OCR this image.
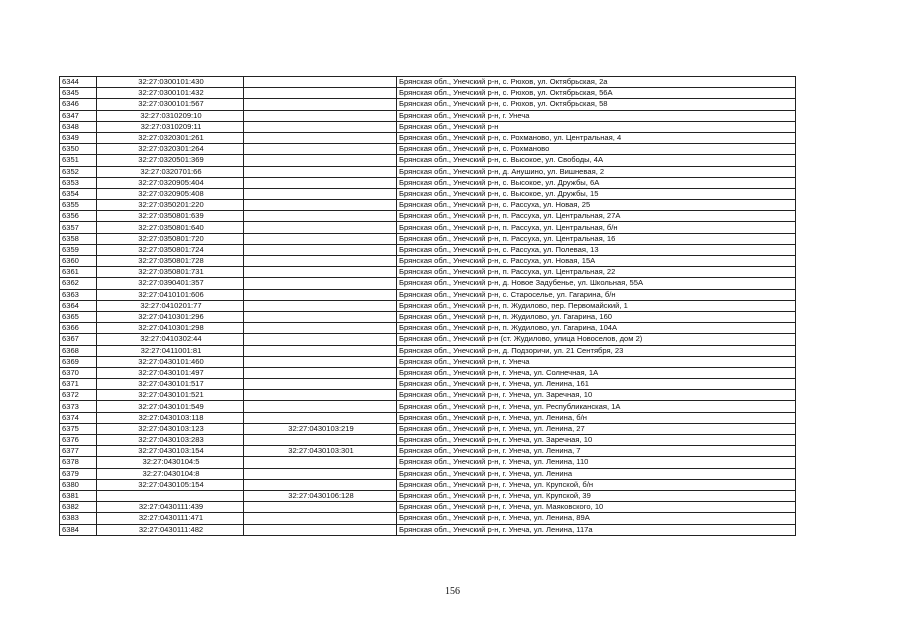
6344	32:27:0300101:430		Брянская обл., Унечский р-н, с. Рюхов, ул. Октябрьская, 2а
6345	32:27:0300101:432		Брянская обл., Унечский р-н, с. Рюхов, ул. Октябрьская, 56А
6346	32:27:0300101:567		Брянская обл., Унечский р-н, с. Рюхов, ул. Октябрьская, 58
6347	32:27:0310209:10		Брянская обл., Унечский р-н, г. Унеча
6348	32:27:0310209:11		Брянская обл., Унечский р-н
6349	32:27:0320301:261		Брянская обл., Унечский р-н, с. Рохманово, ул. Центральная, 4
6350	32:27:0320301:264		Брянская обл., Унечский р-н, с. Рохманово
6351	32:27:0320501:369		Брянская обл., Унечский р-н, с. Высокое, ул. Свободы, 4А
6352	32:27:0320701:66		Брянская обл., Унечский р-н, д. Анушино, ул. Вишневая, 2
6353	32:27:0320905:404		Брянская обл., Унечский р-н, с. Высокое, ул. Дружбы, 6А
6354	32:27:0320905:408		Брянская обл., Унечский р-н, с. Высокое, ул. Дружбы, 15
6355	32:27:0350201:220		Брянская обл., Унечский р-н, с. Рассуха, ул. Новая, 25
6356	32:27:0350801:639		Брянская обл., Унечский р-н, п. Рассуха, ул. Центральная, 27А
6357	32:27:0350801:640		Брянская обл., Унечский р-н, п. Рассуха, ул. Центральная, б/н
6358	32:27:0350801:720		Брянская обл., Унечский р-н, п. Рассуха, ул. Центральная, 16
6359	32:27:0350801:724		Брянская обл., Унечский р-н, с. Рассуха, ул. Полевая, 13
6360	32:27:0350801:728		Брянская обл., Унечский р-н, с. Рассуха, ул. Новая, 15А
6361	32:27:0350801:731		Брянская обл., Унечский р-н, п. Рассуха, ул. Центральная, 22
6362	32:27:0390401:357		Брянская обл., Унечский р-н, д. Новое Задубенье, ул. Школьная, 55А
6363	32:27:0410101:606		Брянская обл., Унечский р-н, с. Староселье, ул. Гагарина, б/н
6364	32:27:0410201:77		Брянская обл., Унечский р-н, п. Жудилово, пер. Первомайский, 1
6365	32:27:0410301:296		Брянская обл., Унечский р-н, п. Жудилово, ул. Гагарина, 160
6366	32:27:0410301:298		Брянская обл., Унечский р-н, п. Жудилово, ул. Гагарина, 104А
6367	32:27:0410302:44		Брянская обл., Унечский р-н (ст. Жудилово, улица Новоселов, дом 2)
6368	32:27:0411001:81		Брянская обл., Унечский р-н, д. Подзоричи, ул. 21 Сентября, 23
6369	32:27:0430101:460		Брянская обл., Унечский р-н, г. Унеча
6370	32:27:0430101:497		Брянская обл., Унечский р-н, г. Унеча, ул. Солнечная, 1А
6371	32:27:0430101:517		Брянская обл., Унечский р-н, г. Унеча, ул. Ленина, 161
6372	32:27:0430101:521		Брянская обл., Унечский р-н, г. Унеча, ул. Заречная, 10
6373	32:27:0430101:549		Брянская обл., Унечский р-н, г. Унеча, ул. Республиканская, 1А
6374	32:27:0430103:118		Брянская обл., Унечский р-н, г. Унеча, ул. Ленина, б/н
6375	32:27:0430103:123	32:27:0430103:219	Брянская обл., Унечский р-н, г. Унеча, ул. Ленина, 27
6376	32:27:0430103:283		Брянская обл., Унечский р-н, г. Унеча, ул. Заречная, 10
6377	32:27:0430103:154	32:27:0430103:301	Брянская обл., Унечский р-н, г. Унеча, ул. Ленина, 7
6378	32:27:0430104:5		Брянская обл., Унечский р-н, г. Унеча, ул. Ленина, 110
6379	32:27:0430104:8		Брянская обл., Унечский р-н, г. Унеча, ул. Ленина
6380	32:27:0430105:154		Брянская обл., Унечский р-н, г. Унеча, ул. Крупской, б/н
6381		32:27:0430106:128	Брянская обл., Унечский р-н, г. Унеча, ул. Крупской, 39
6382	32:27:0430111:439		Брянская обл., Унечский р-н, г. Унеча, ул. Маяковского, 10
6383	32:27:0430111:471		Брянская обл., Унечский р-н, г. Унеча, ул. Ленина, 89А
6384	32:27:0430111:482		Брянская обл., Унечский р-н, г. Унеча, ул. Ленина, 117а
156
